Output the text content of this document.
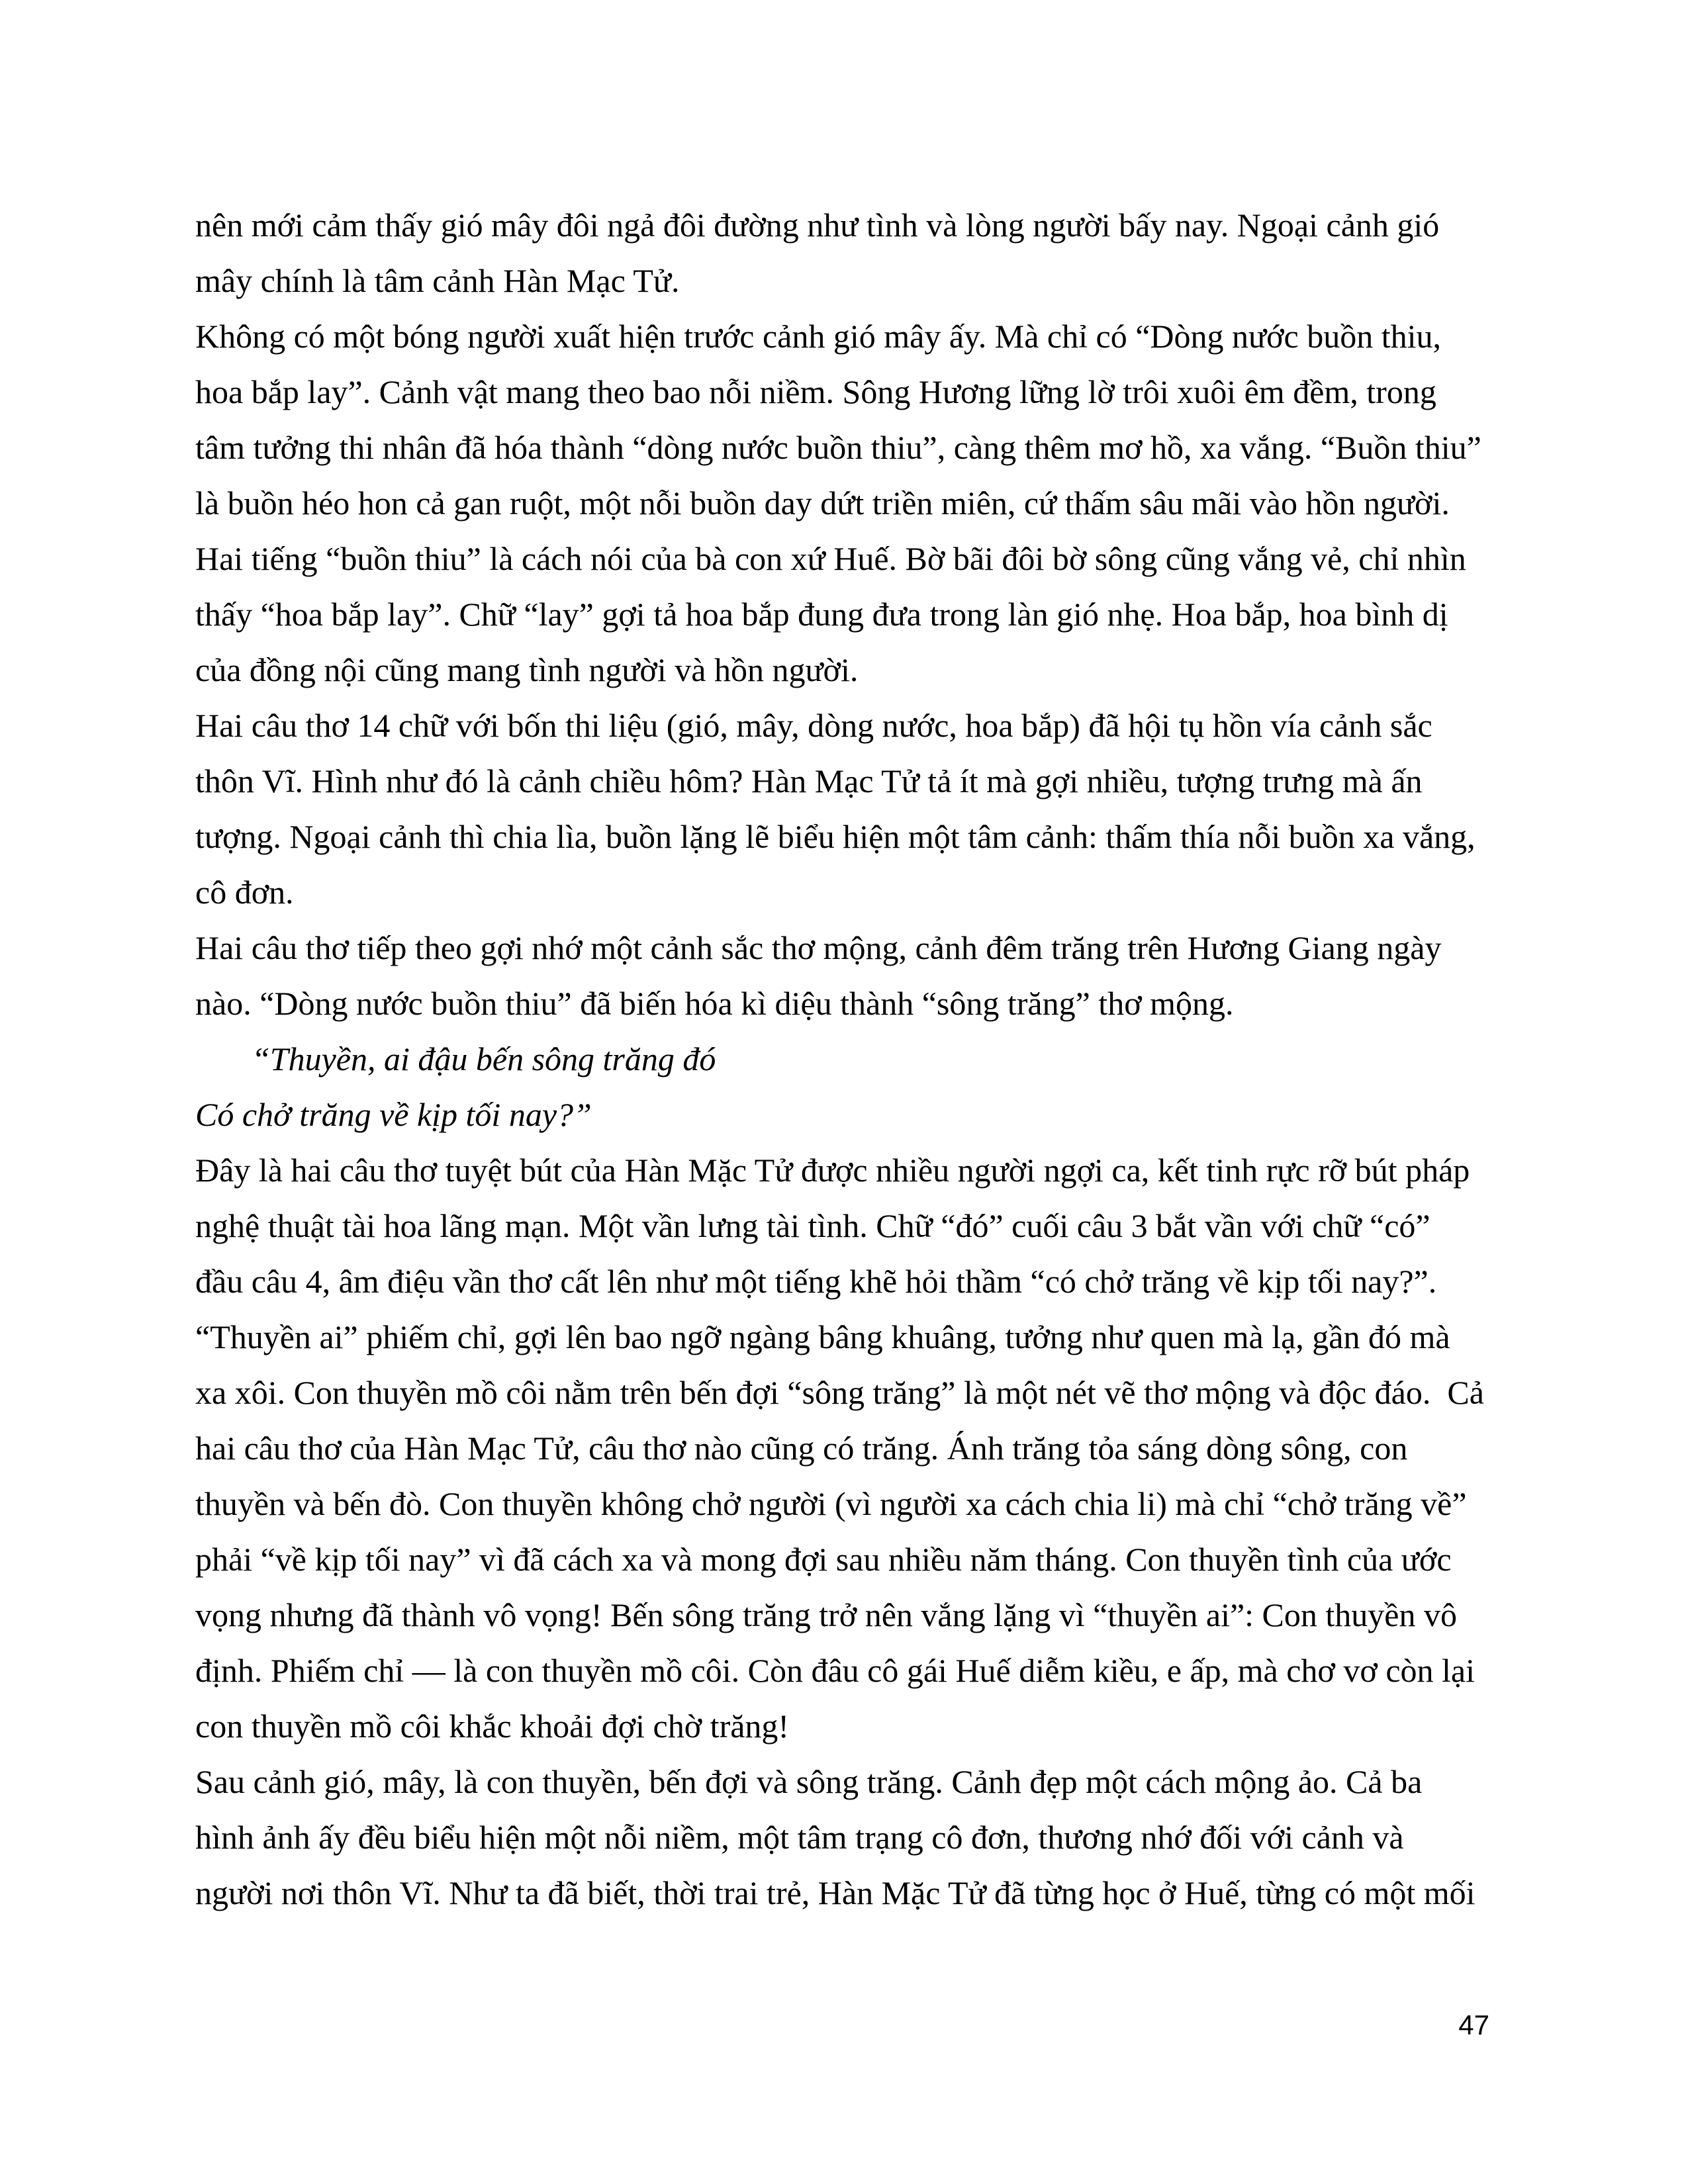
nên mới cảm thấy gió mây đôi ngả đôi đường như tình và lòng người bấy nay. Ngoại cảnh gió
mây chính là tâm cảnh Hàn Mạc Tử.
Không có một bóng người xuất hiện trước cảnh gió mây ấy. Mà chỉ có “Dòng nước buồn thiu,
hoa bắp lay”. Cảnh vật mang theo bao nỗi niềm. Sông Hương lững lờ trôi xuôi êm đềm, trong
tâm tưởng thi nhân đã hóa thành “dòng nước buồn thiu”, càng thêm mơ hồ, xa vắng. “Buồn thiu”
là buồn héo hon cả gan ruột, một nỗi buồn day dứt triền miên, cứ thấm sâu mãi vào hồn người.
Hai tiếng “buồn thiu” là cách nói của bà con xứ Huế. Bờ bãi đôi bờ sông cũng vắng vẻ, chỉ nhìn
thấy “hoa bắp lay”. Chữ “lay” gợi tả hoa bắp đung đưa trong làn gió nhẹ. Hoa bắp, hoa bình dị
của đồng nội cũng mang tình người và hồn người.
Hai câu thơ 14 chữ với bốn thi liệu (gió, mây, dòng nước, hoa bắp) đã hội tụ hồn vía cảnh sắc
thôn Vĩ. Hình như đó là cảnh chiều hôm? Hàn Mạc Tử tả ít mà gợi nhiều, tượng trưng mà ấn
tượng. Ngoại cảnh thì chia lìa, buồn lặng lẽ biểu hiện một tâm cảnh: thấm thía nỗi buồn xa vắng,
cô đơn.
Hai câu thơ tiếp theo gợi nhớ một cảnh sắc thơ mộng, cảnh đêm trăng trên Hương Giang ngày
nào. “Dòng nước buồn thiu” đã biến hóa kì diệu thành “sông trăng” thơ mộng.
“Thuyền, ai đậu bến sông trăng đó
Có chở trăng về kịp tối nay?”
Đây là hai câu thơ tuyệt bút của Hàn Mặc Tử được nhiều người ngợi ca, kết tinh rực rỡ bút pháp
nghệ thuật tài hoa lãng mạn. Một vần lưng tài tình. Chữ “đó” cuối câu 3 bắt vần với chữ “có”
đầu câu 4, âm điệu vần thơ cất lên như một tiếng khẽ hỏi thầm “có chở trăng về kịp tối nay?”.
“Thuyền ai” phiếm chỉ, gợi lên bao ngỡ ngàng bâng khuâng, tưởng như quen mà lạ, gần đó mà
xa xôi. Con thuyền mồ côi nằm trên bến đợi “sông trăng” là một nét vẽ thơ mộng và độc đáo.  Cả
hai câu thơ của Hàn Mạc Tử, câu thơ nào cũng có trăng. Ánh trăng tỏa sáng dòng sông, con
thuyền và bến đò. Con thuyền không chở người (vì người xa cách chia li) mà chỉ “chở trăng về”
phải “về kịp tối nay” vì đã cách xa và mong đợi sau nhiều năm tháng. Con thuyền tình của ước
vọng nhưng đã thành vô vọng! Bến sông trăng trở nên vắng lặng vì “thuyền ai”: Con thuyền vô
định. Phiếm chỉ — là con thuyền mồ côi. Còn đâu cô gái Huế diễm kiều, e ấp, mà chơ vơ còn lại
con thuyền mồ côi khắc khoải đợi chờ trăng!
Sau cảnh gió, mây, là con thuyền, bến đợi và sông trăng. Cảnh đẹp một cách mộng ảo. Cả ba
hình ảnh ấy đều biểu hiện một nỗi niềm, một tâm trạng cô đơn, thương nhớ đối với cảnh và
người nơi thôn Vĩ. Như ta đã biết, thời trai trẻ, Hàn Mặc Tử đã từng học ở Huế, từng có một mối
47
